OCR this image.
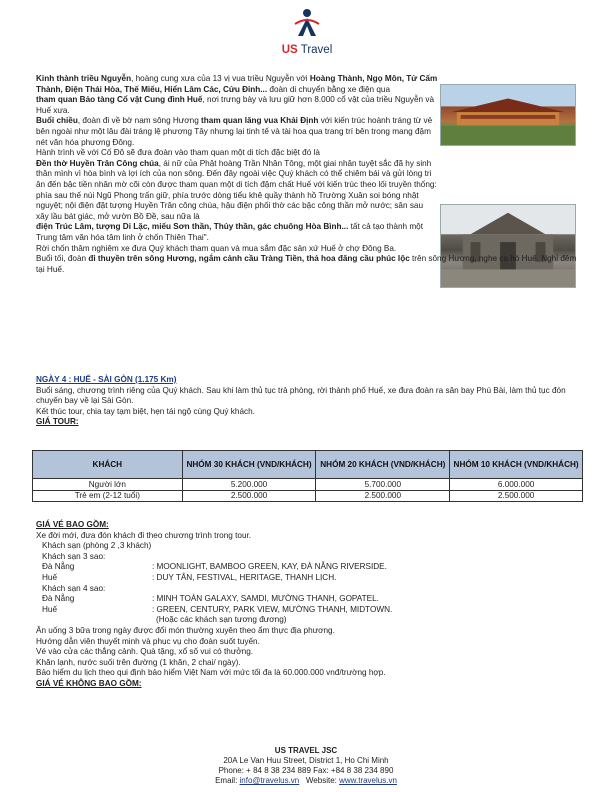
US Travel

Kinh thành triều Nguyễn, hoàng cung xưa của 13 vị vua triều Nguyễn với Hoàng Thành, Ngọ Môn, Tử Cấm Thành, Điện Thái Hòa, Thế Miếu, Hiển Lâm Các, Cửu Đỉnh... đoàn di chuyển bằng xe điện qua

tham quan Bảo tàng Cổ vật Cung đình Huế, nơi trưng bày và lưu giữ hơn 8.000 cổ vật của triều Nguyễn và Huế xưa.

Buổi chiều, đoàn đi về bờ nam sông Hương tham quan lăng vua Khải Định với kiến trúc hoành tráng từ vẻ bên ngoài như một lâu đài tráng lệ phương Tây nhưng lại tinh tế và tài hoa qua trang trí bên trong mang đậm nét văn hóa phương Đông.

Hành trình về với Cố Đô sẽ đưa đoàn vào tham quan một di tích đặc biệt đó là

Đền thờ Huyền Trân Công chúa, ái nữ của Phật hoàng Trần Nhân Tông, một giai nhân tuyệt sắc đã hy sinh thân mình vì hòa bình và lợi ích của non sông. Đến đây ngoài việc Quý khách có thể chiêm bái và gửi lòng tri ân đến bậc tiền nhân mờ cõi còn được tham quan một di tích đậm chất Huế với kiến trúc theo lối truyền thống: phía sau thế núi Ngũ Phong trấn giữ, phía trước dòng tiểu khê quầy thành hồ Trường Xuân soi bóng nhật nguyệt; nội điện đặt tượng Huyền Trân công chúa, hậu điện phối thờ các bậc công thần mở nước; sân sau xây lầu bát giác, mở vườn Bồ Đề, sau nữa là

điện Trúc Lâm, tượng Di Lặc, miếu Sơn thần, Thủy thần, gác chuông Hòa Bình... tất cả tạo thành một Trung tâm văn hóa tâm linh ở chốn Thiên Thai".

Rời chốn thâm nghiêm xe đưa Quý khách tham quan và mua sắm đặc sản xứ Huế ở chợ Đông Ba.

Buổi tối, đoàn đi thuyền trên sông Hương, ngắm cảnh cầu Tràng Tiền, thả hoa đăng cầu phúc lộc trên sông Hương, nghe ca hò Huế. Nghỉ đêm tại Huế.

NGÀY 4 : HUẾ - SÀI GÒN (1.175 Km)

Buổi sáng, chương trình riêng của Quý khách. Sau khi làm thủ tục trả phòng, rời thành phố Huế, xe đưa đoàn ra sân bay Phú Bài, làm thủ tục đón chuyến bay về lại Sài Gòn.

Kết thúc tour, chia tay tạm biệt, hẹn tái ngộ cùng Quý khách.

GIÁ TOUR:

KHÁCH	NHÓM 30 KHÁCH (VND/KHÁCH)	NHÓM 20 KHÁCH (VND/KHÁCH)	NHÓM 10 KHÁCH (VND/KHÁCH)
Người lớn	5.200.000	5.700.000	6.000.000
Trẻ em (2-12 tuổi)	2.500.000	2.500.000	2.500.000

GIÁ VÉ BAO GỒM:

Xe đời mới, đưa đón khách đi theo chương trình trong tour.

Khách sạn (phòng 2 ,3 khách)

Khách sạn 3 sao:

Đà Nẵng	: MOONLIGHT, BAMBOO GREEN, KAY, ĐÀ NẴNG RIVERSIDE.
Huế	: DUY TÂN, FESTIVAL, HERITAGE, THANH LỊCH.

Khách sạn 4 sao:

Đà Nẵng	: MINH TOÀN GALAXY, SAMDI, MƯỜNG THANH, GOPATEL.
Huế	: GREEN, CENTURY, PARK VIEW, MƯỜNG THANH, MIDTOWN.

(Hoặc các khách sạn tương đương)

Ăn uống 3 bữa trong ngày được đổi món thường xuyên theo ẩm thực địa phương.

Hướng dẫn viên thuyết minh và phục vụ cho đoàn suốt tuyến.

Vé vào cửa các thắng cảnh. Quà tặng, xổ số vui có thưởng.

Khăn lạnh, nước suối trên đường (1 khăn, 2 chai/ ngày).

Bảo hiểm du lịch theo qui định bảo hiểm Việt Nam với mức tối đa là 60.000.000 vnđ/trường hợp.

GIÁ VÉ KHÔNG BAO GỒM:

US TRAVEL JSC
20A Le Van Huu Street, District 1, Ho Chi Minh
Phone: + 84 8 38 234 889 Fax: +84 8 38 234 890
Email: info@travelus.vn   Website: www.travelus.vn
